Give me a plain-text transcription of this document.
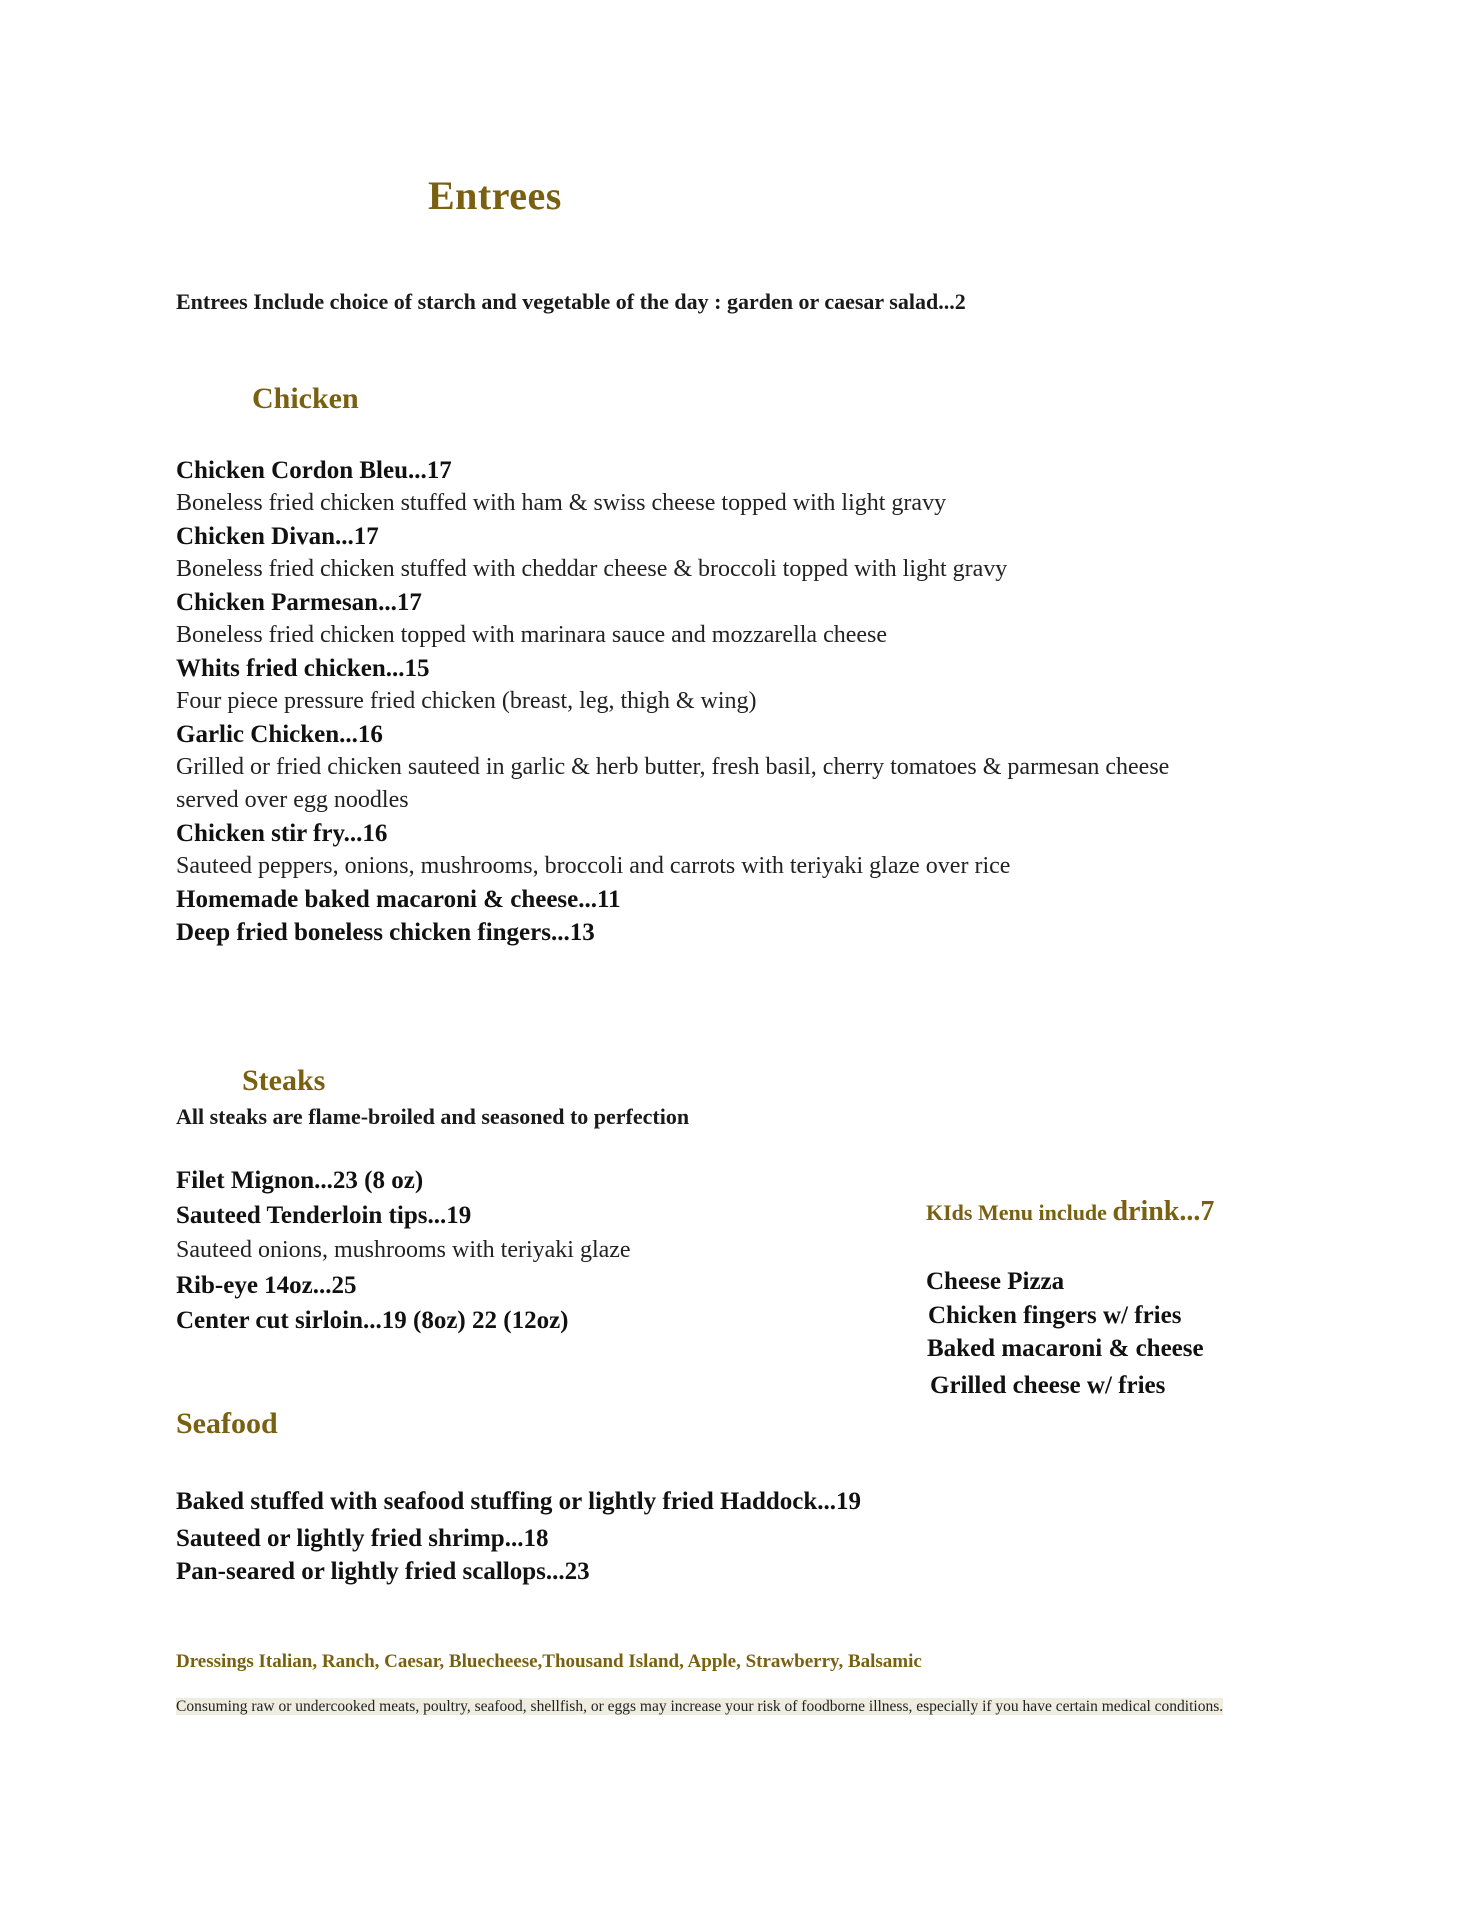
Entrees

Entrees Include choice of starch and vegetable of the day : garden or caesar salad...2

Chicken
Chicken Cordon Bleu...17
Boneless fried chicken stuffed with ham & swiss cheese topped with light gravy
Chicken Divan...17
Boneless fried chicken stuffed with cheddar cheese & broccoli topped with light gravy
Chicken Parmesan...17
Boneless fried chicken topped with marinara sauce and mozzarella cheese
Whits fried chicken...15
Four piece pressure fried chicken (breast, leg, thigh & wing)
Garlic Chicken...16
Grilled or fried chicken sauteed in garlic & herb butter, fresh basil, cherry tomatoes & parmesan cheese
served over egg noodles
Chicken stir fry...16
Sauteed peppers, onions, mushrooms, broccoli and carrots with teriyaki glaze over rice
Homemade baked macaroni & cheese...11
Deep fried boneless chicken fingers...13
Steaks

All steaks are flame-broiled and seasoned to perfection

Filet Mignon...23 (8 oz)
Sauteed Tenderloin tips...19
Sauteed onions, mushrooms with teriyaki glaze
Rib-eye 14oz...25
Center cut sirloin...19 (8oz) 22 (12oz)

KIds Menu include drink...7

Cheese Pizza

Chicken fingers w/ fries

Baked macaroni & cheese

Grilled cheese w/ fries

Seafood

Baked stuffed with seafood stuffing or lightly fried Haddock...19

Sauteed or lightly fried shrimp...18

Pan-seared or lightly fried scallops...23

Dressings Italian, Ranch, Caesar, Bluecheese,Thousand Island, Apple, Strawberry, Balsamic

Consuming raw or undercooked meats, poultry, seafood, shellfish, or eggs may increase your risk of foodborne illness, especially if you have certain medical conditions.
